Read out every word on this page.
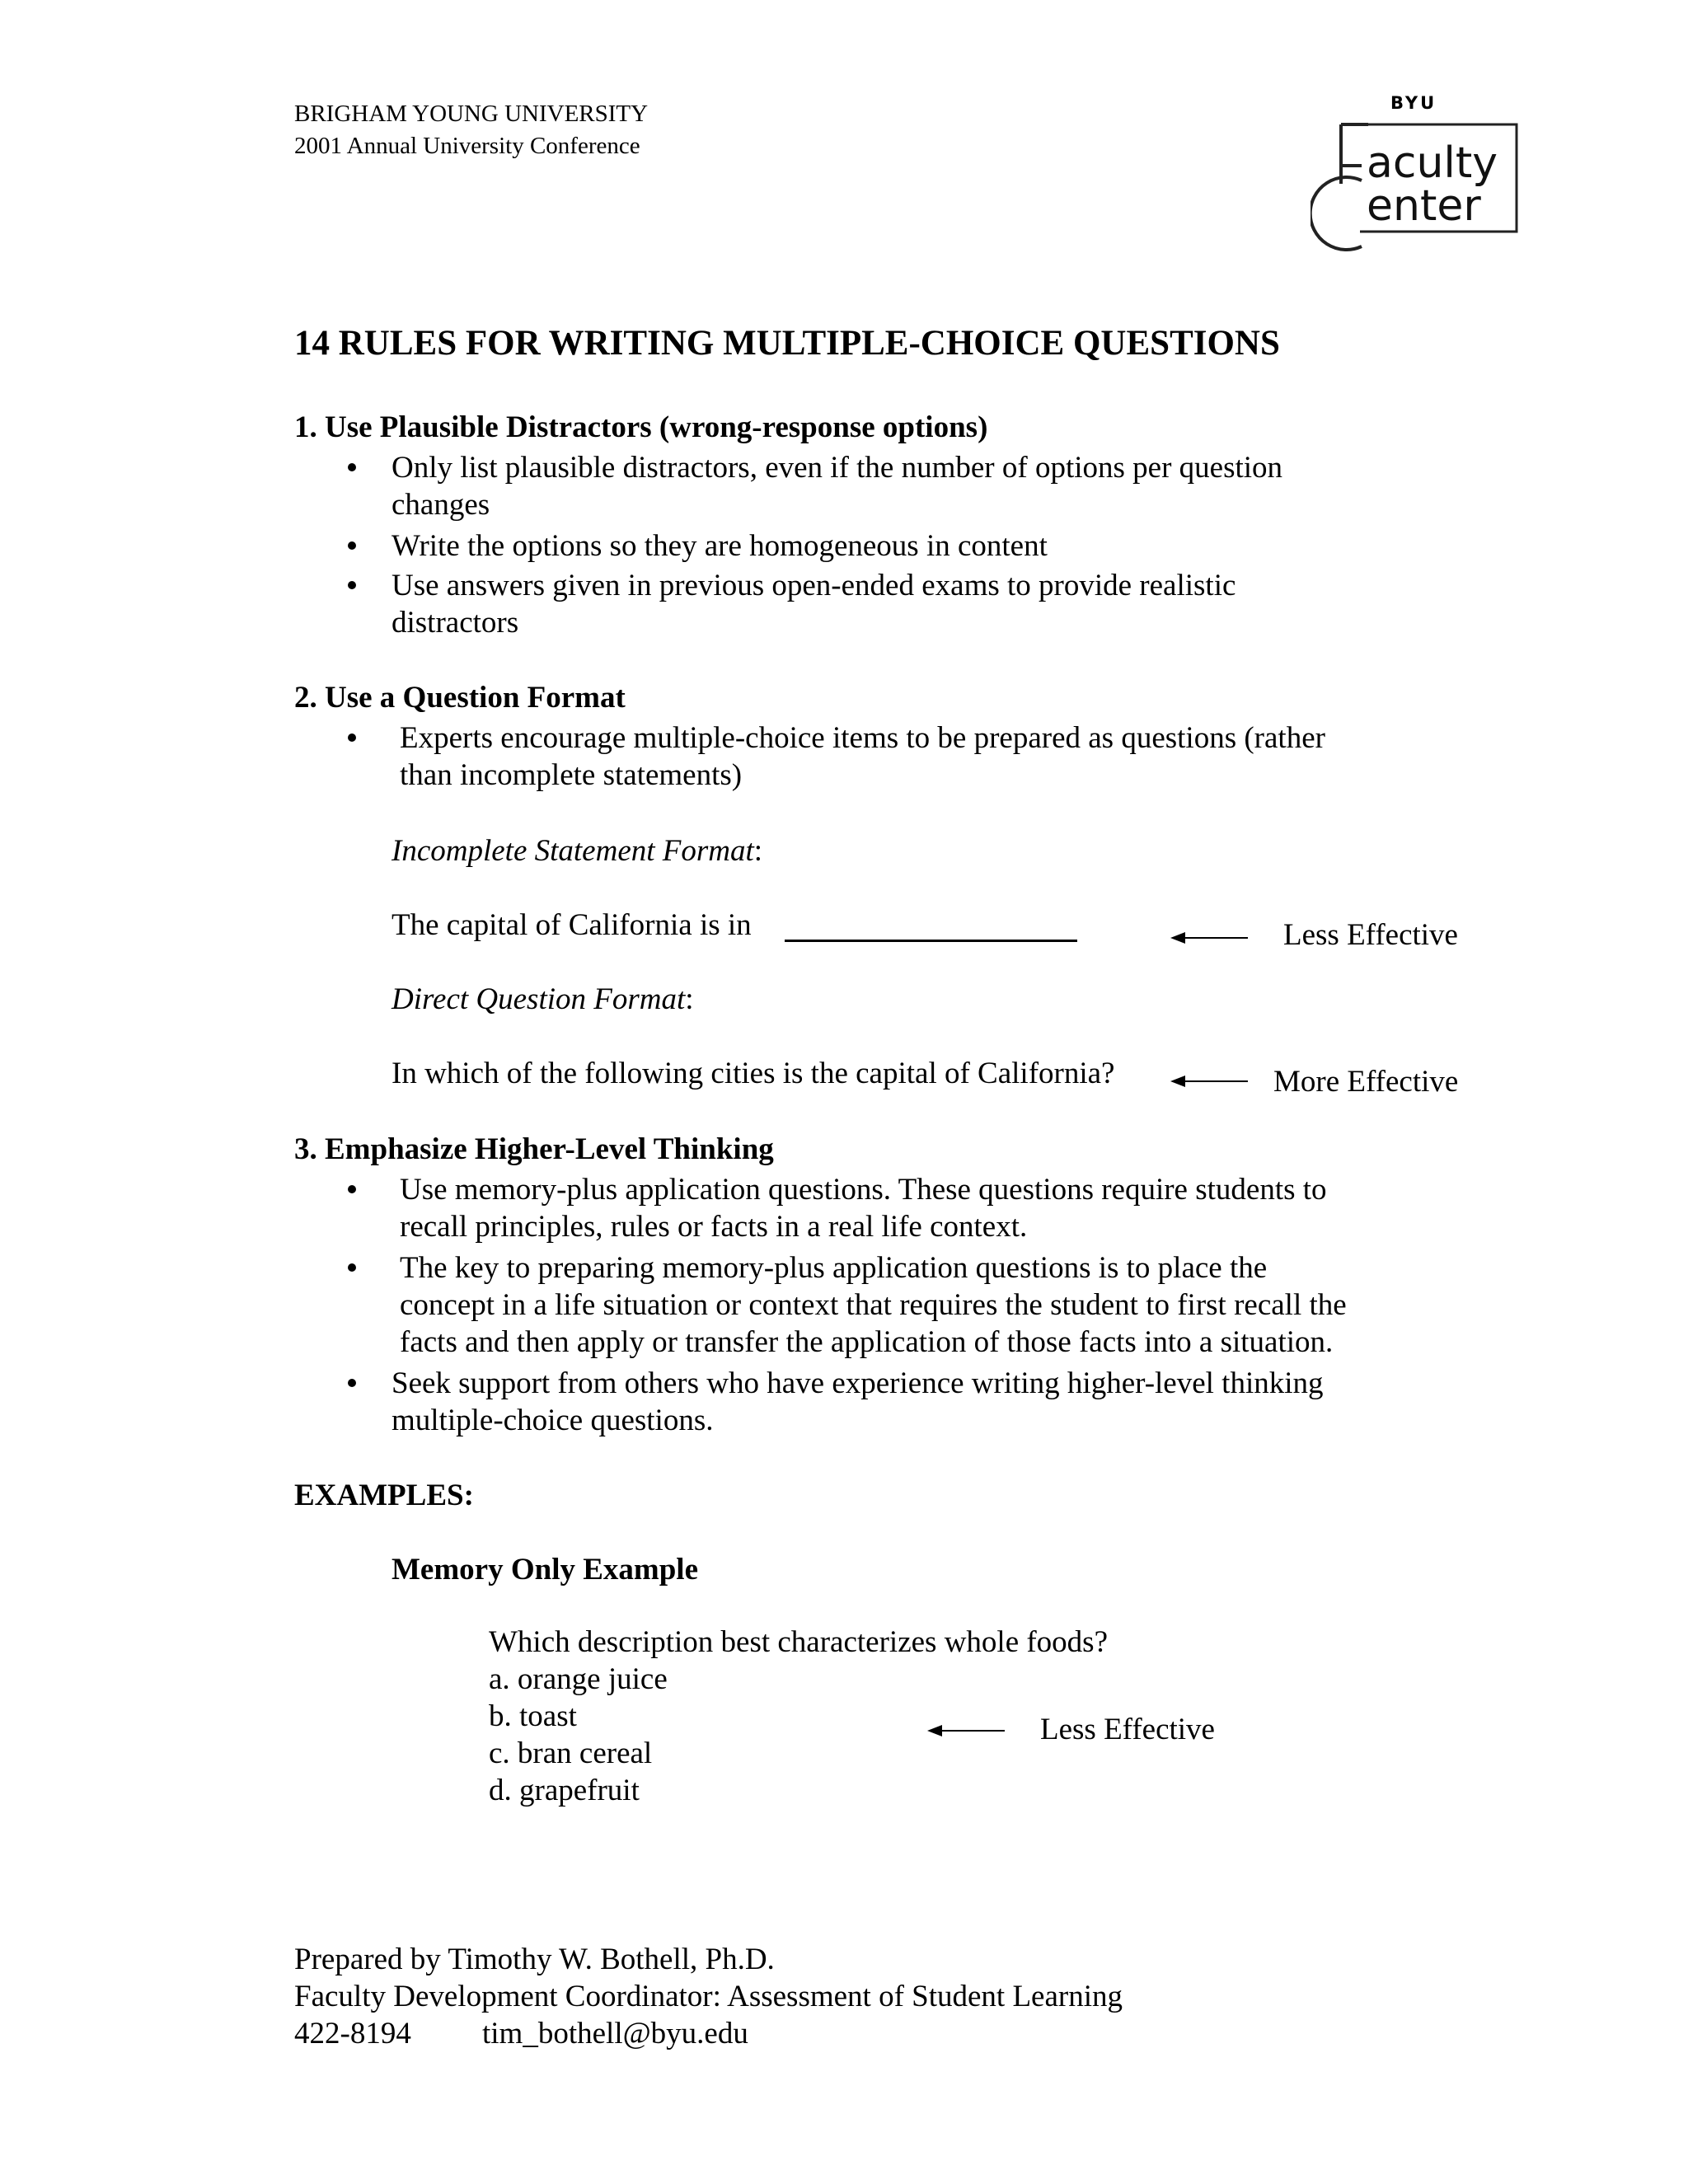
BRIGHAM YOUNG UNIVERSITY
2001 Annual University Conference
BYU
aculty
enter
14 RULES FOR WRITING MULTIPLE-CHOICE QUESTIONS
1. Use Plausible Distractors (wrong-response options)
Only list plausible distractors, even if the number of options per question
changes
Write the options so they are homogeneous in content
Use answers given in previous open-ended exams to provide realistic
distractors
2. Use a Question Format
Experts encourage multiple-choice items to be prepared as questions (rather
than incomplete statements)
Incomplete Statement Format:
The capital of California is in	Less Effective
Direct Question Format:
In which of the following cities is the capital of California?	More Effective
3. Emphasize Higher-Level Thinking
Use memory-plus application questions. These questions require students to
recall principles, rules or facts in a real life context.
The key to preparing memory-plus application questions is to place the
concept in a life situation or context that requires the student to first recall the
facts and then apply or transfer the application of those facts into a situation.
Seek support from others who have experience writing higher-level thinking
multiple-choice questions.
EXAMPLES:
Memory Only Example
Which description best characterizes whole foods?
a. orange juice
b. toast
c. bran cereal
d. grapefruit
Less Effective
Prepared by Timothy W. Bothell, Ph.D.
Faculty Development Coordinator: Assessment of Student Learning
422-8194 tim_bothell@byu.edu
